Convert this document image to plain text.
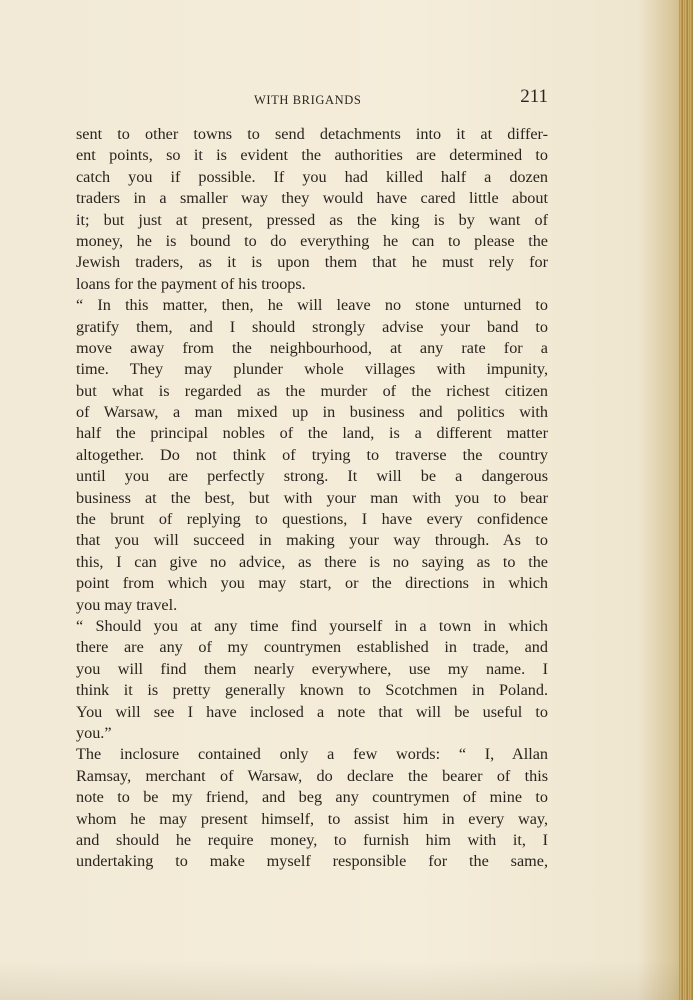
WITH BRIGANDS	211
sent to other towns to send detachments into it at differ-
ent points, so it is evident the authorities are determined to
catch you if possible. If you had killed half a dozen
traders in a smaller way they would have cared little about
it; but just at present, pressed as the king is by want of
money, he is bound to do everything he can to please the
Jewish traders, as it is upon them that he must rely for
loans for the payment of his troops.
“ In this matter, then, he will leave no stone unturned to
gratify them, and I should strongly advise your band to
move away from the neighbourhood, at any rate for a
time. They may plunder whole villages with impunity,
but what is regarded as the murder of the richest citizen
of Warsaw, a man mixed up in business and politics with
half the principal nobles of the land, is a different matter
altogether. Do not think of trying to traverse the country
until you are perfectly strong. It will be a dangerous
business at the best, but with your man with you to bear
the brunt of replying to questions, I have every confidence
that you will succeed in making your way through. As to
this, I can give no advice, as there is no saying as to the
point from which you may start, or the directions in which
you may travel.
“ Should you at any time find yourself in a town in which
there are any of my countrymen established in trade, and
you will find them nearly everywhere, use my name. I
think it is pretty generally known to Scotchmen in Poland.
You will see I have inclosed a note that will be useful to
you.”
The inclosure contained only a few words: “ I, Allan
Ramsay, merchant of Warsaw, do declare the bearer of this
note to be my friend, and beg any countrymen of mine to
whom he may present himself, to assist him in every way,
and should he require money, to furnish him with it, I
undertaking to make myself responsible for the same,
